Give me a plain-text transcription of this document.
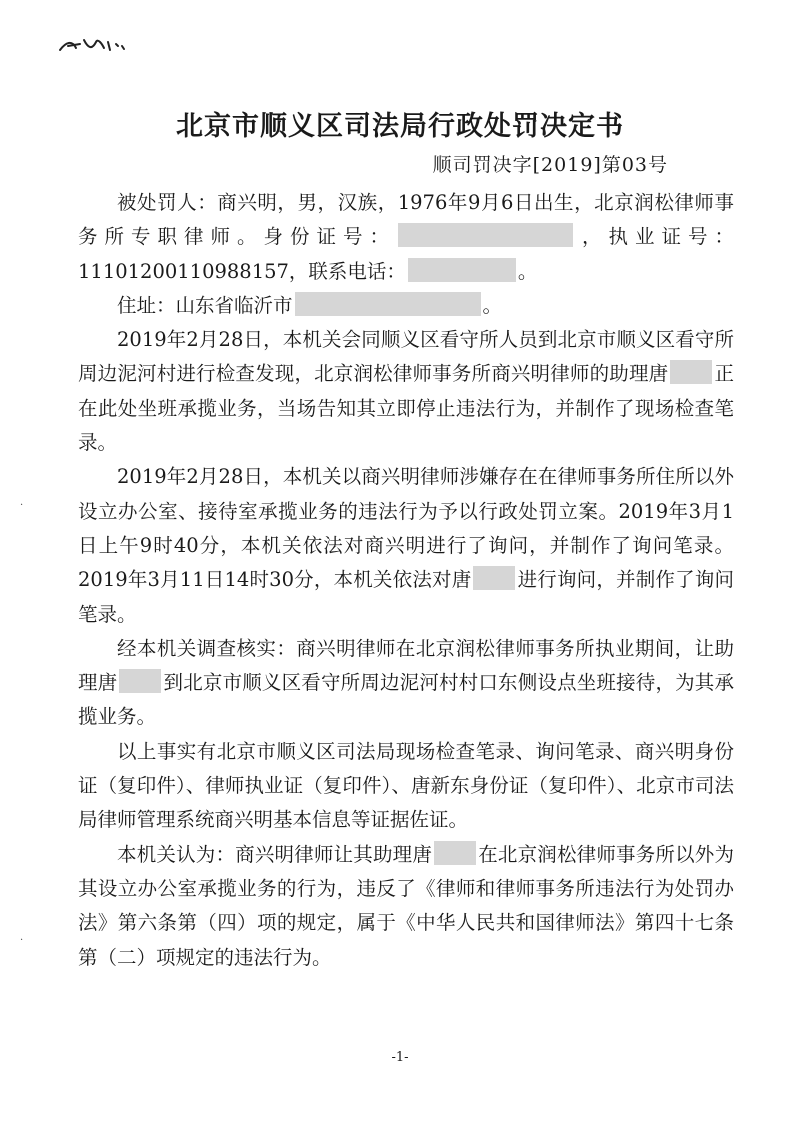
北京市顺义区司法局行政处罚决定书
顺司罚决字[2019]第03号

被处罚人：商兴明，男，汉族，1976年9月6日出生，北京润松律师事务所专职律师。身份证号：	，执业证号：11101200110988157，联系电话：	。

住址：山东省临沂市	。

2019年2月28日，本机关会同顺义区看守所人员到北京市顺义区看守所周边泥河村进行检查发现，北京润松律师事务所商兴明律师的助理唐 正在此处坐班承揽业务，当场告知其立即停止违法行为，并制作了现场检查笔录。

2019年2月28日，本机关以商兴明律师涉嫌存在在律师事务所住所以外设立办公室、接待室承揽业务的违法行为予以行政处罚立案。2019年3月1日上午9时40分，本机关依法对商兴明进行了询问，并制作了询问笔录。2019年3月11日14时30分，本机关依法对唐 进行询问，并制作了询问笔录。

经本机关调查核实：商兴明律师在北京润松律师事务所执业期间，让助理唐 到北京市顺义区看守所周边泥河村村口东侧设点坐班接待，为其承揽业务。

以上事实有北京市顺义区司法局现场检查笔录、询问笔录、商兴明身份证（复印件）、律师执业证（复印件）、唐新东身份证（复印件）、北京市司法局律师管理系统商兴明基本信息等证据佐证。

本机关认为：商兴明律师让其助理唐 在北京润松律师事务所以外为其设立办公室承揽业务的行为，违反了《律师和律师事务所违法行为处罚办法》第六条第（四）项的规定，属于《中华人民共和国律师法》第四十七条第（二）项规定的违法行为。

-1-
·
·
